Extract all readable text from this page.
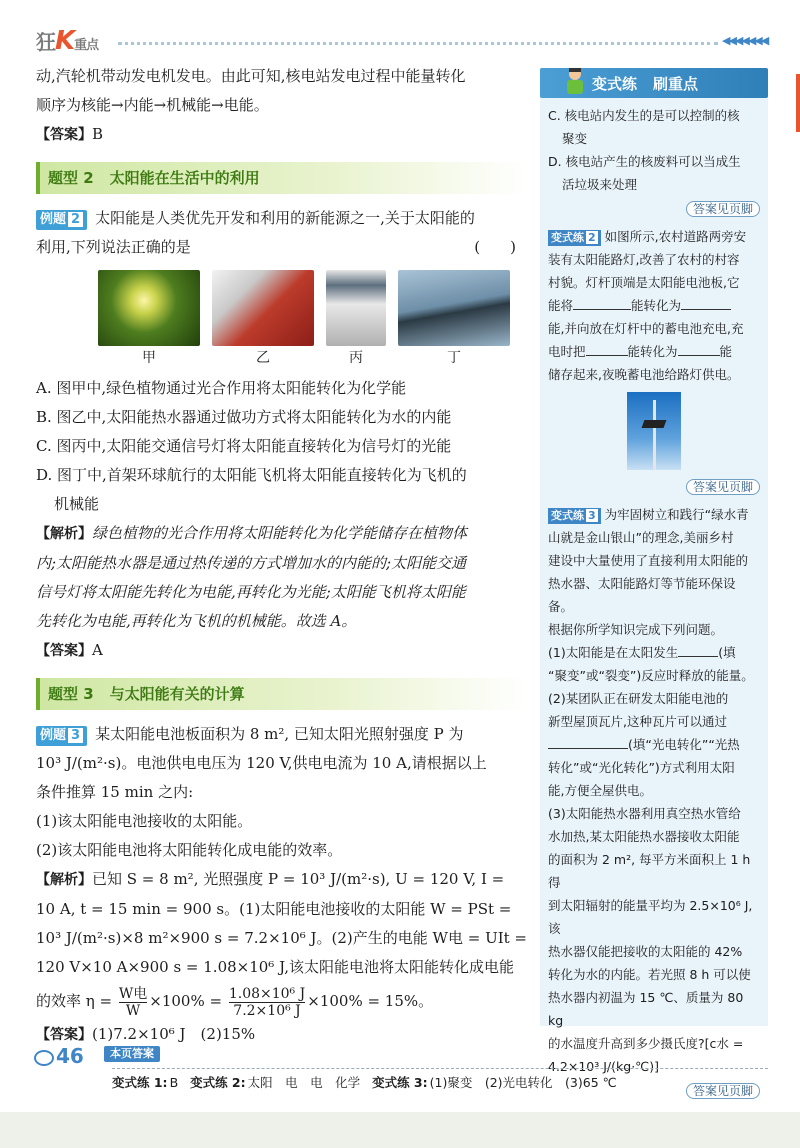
狂K重点	◀◀◀◀◀◀◀
动,汽轮机带动发电机发电。由此可知,核电站发电过程中能量转化
顺序为核能→内能→机械能→电能。
【答案】B
题型 2 太阳能在生活中的利用
例题 2 太阳能是人类优先开发和利用的新能源之一,关于太阳能的
利用,下列说法正确的是	(　　)
甲	乙	丙	丁
A. 图甲中,绿色植物通过光合作用将太阳能转化为化学能
B. 图乙中,太阳能热水器通过做功方式将太阳能转化为水的内能
C. 图丙中,太阳能交通信号灯将太阳能直接转化为信号灯的光能
D. 图丁中,首架环球航行的太阳能飞机将太阳能直接转化为飞机的
机械能
【解析】绿色植物的光合作用将太阳能转化为化学能储存在植物体
内;太阳能热水器是通过热传递的方式增加水的内能的;太阳能交通
信号灯将太阳能先转化为电能,再转化为光能;太阳能飞机将太阳能
先转化为电能,再转化为飞机的机械能。故选 A。
【答案】A
题型 3 与太阳能有关的计算
例题 3 某太阳能电池板面积为 8 m², 已知太阳光照射强度 P 为
10³ J/(m²·s)。电池供电电压为 120 V,供电电流为 10 A,请根据以上
条件推算 15 min 之内:
(1)该太阳能电池接收的太阳能。
(2)该太阳能电池将太阳能转化成电能的效率。
【解析】已知 S = 8 m², 光照强度 P = 10³ J/(m²·s), U = 120 V, I =
10 A, t = 15 min = 900 s。(1)太阳能电池接收的太阳能 W = PSt =
10³ J/(m²·s)×8 m²×900 s = 7.2×10⁶ J。(2)产生的电能 W电 = UIt =
120 V×10 A×900 s = 1.08×10⁶ J,该太阳能电池将太阳能转化成电能
的效率 $\eta = \frac{\text{W电}}{W} \times 100\% = \frac{\text{1.08×10⁶ J}}{\text{7.2×10⁶ J}} \times 100\% = 15\%$。
【答案】(1)7.2×10⁶ J　(2)15%
变式练 刷重点
C. 核电站内发生的是可以控制的核
聚变
D. 核电站产生的核废料可以当成生
活垃圾来处理
答案见页脚
变式练 2 如图所示,农村道路两旁安
装有太阳能路灯,改善了农村的村容
村貌。灯杆顶端是太阳能电池板,它
能将	能转化为
能,并向放在灯杆中的蓄电池充电,充
电时把	能转化为	能
储存起来,夜晚蓄电池给路灯供电。
答案见页脚
变式练 3 为牢固树立和践行“绿水青
山就是金山银山”的理念,美丽乡村
建设中大量使用了直接利用太阳能的
热水器、太阳能路灯等节能环保设备。
根据你所学知识完成下列问题。
(1)太阳能是在太阳发生	(填
“聚变”或“裂变”)反应时释放的能量。
(2)某团队正在研发太阳能电池的
新型屋顶瓦片,这种瓦片可以通过
(填“光电转化”“光热
转化”或“光化转化”)方式利用太阳
能,方便全屋供电。
(3)太阳能热水器利用真空热水管给
水加热,某太阳能热水器接收太阳能
的面积为 2 m², 每平方米面积上 1 h 得
到太阳辐射的能量平均为 2.5×10⁶ J,该
热水器仅能把接收的太阳能的 42%
转化为水的内能。若光照 8 h 可以使
热水器内初温为 15 ℃、质量为 80 kg
的水温度升高到多少摄氏度?[c水 =
4.2×10³ J/(kg·℃)]
答案见页脚
46	本页答案
变式练 1: B 变式练 2: 太阳　电　电　化学 变式练 3: (1)聚变　(2)光电转化　(3)65 ℃
